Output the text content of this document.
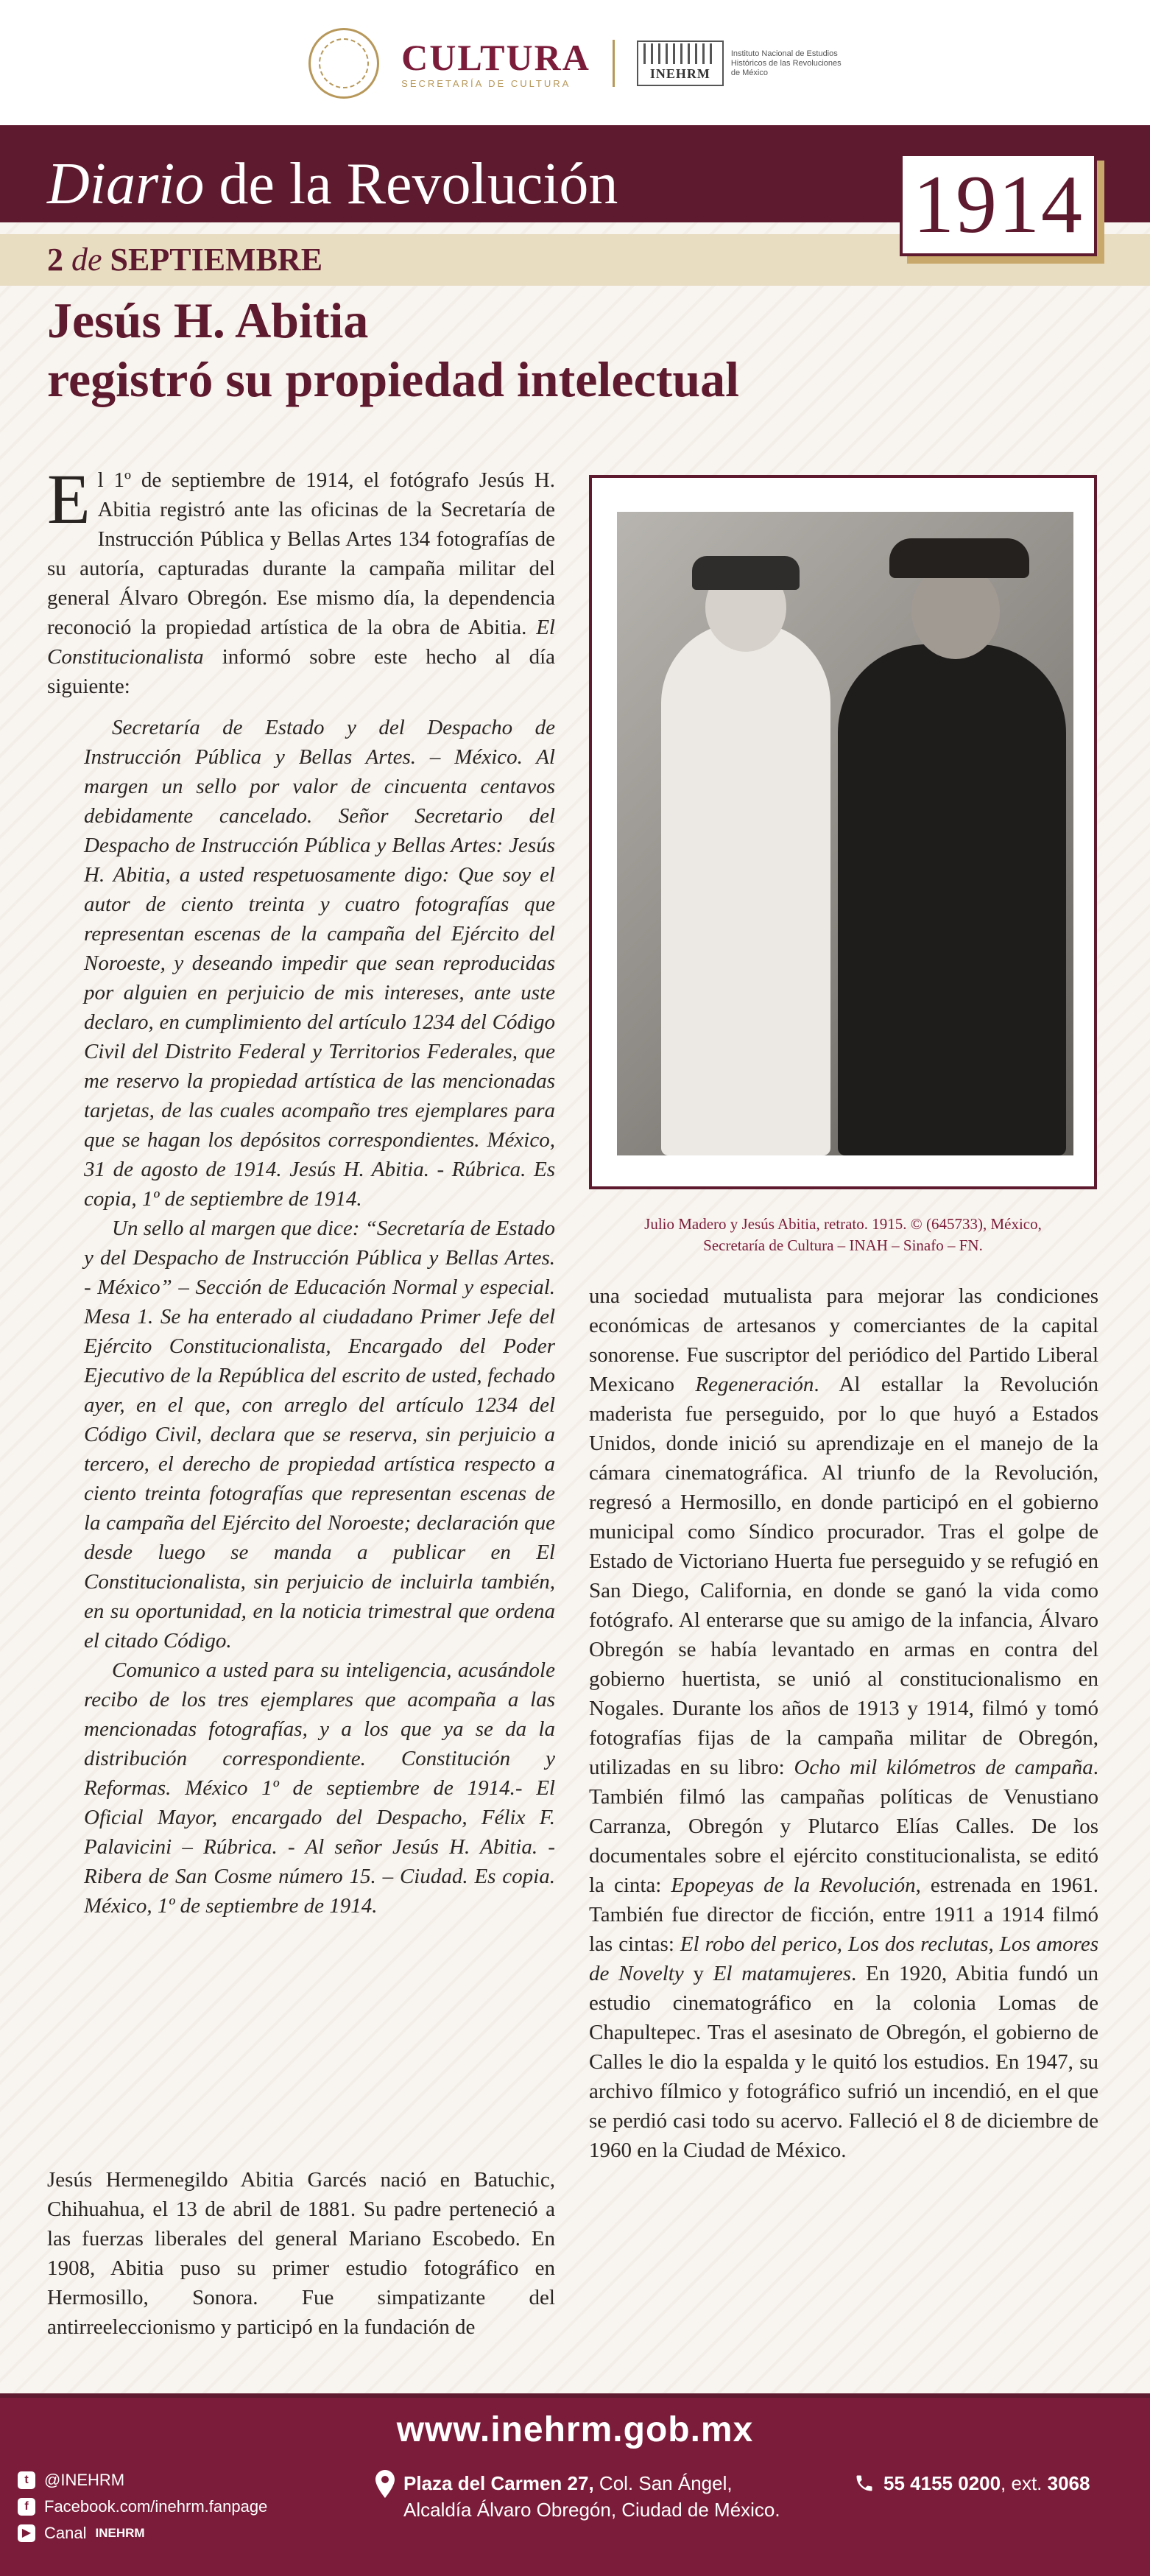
CULTURA
SECRETARÍA DE CULTURA
INEHRM
Instituto Nacional de Estudios Históricos de las Revoluciones de México
Diario de la Revolución
2 de SEPTIEMBRE
1914
Jesús H. Abitia
registró su propiedad intelectual

El 1º de septiembre de 1914, el fotógrafo Jesús H. Abitia registró ante las oficinas de la Secretaría de Instrucción Pública y Bellas Artes 134 fotografías de su autoría, capturadas durante la campaña militar del general Álvaro Obregón. Ese mismo día, la dependencia reconoció la propiedad artística de la obra de Abitia. El Constitucionalista informó sobre este hecho al día siguiente:

Secretaría de Estado y del Despacho de Instrucción Pública y Bellas Artes. – México. Al margen un sello por valor de cincuenta centavos debidamente cancelado. Señor Secretario del Despacho de Instrucción Pública y Bellas Artes: Jesús H. Abitia, a usted respetuosamente digo: Que soy el autor de ciento treinta y cuatro fotografías que representan escenas de la campaña del Ejército del Noroeste, y deseando impedir que sean reproducidas por alguien en perjuicio de mis intereses, ante uste declaro, en cumplimiento del artículo 1234 del Código Civil del Distrito Federal y Territorios Federales, que me reservo la propiedad artística de las mencionadas tarjetas, de las cuales acompaño tres ejemplares para que se hagan los depósitos correspondientes. México, 31 de agosto de 1914. Jesús H. Abitia. - Rúbrica. Es copia, 1º de septiembre de 1914.

Un sello al margen que dice: “Secretaría de Estado y del Despacho de Instrucción Pública y Bellas Artes. - México” – Sección de Educación Normal y especial. Mesa 1. Se ha enterado al ciudadano Primer Jefe del Ejército Constitucionalista, Encargado del Poder Ejecutivo de la República del escrito de usted, fechado ayer, en el que, con arreglo del artículo 1234 del Código Civil, declara que se reserva, sin perjuicio a tercero, el derecho de propiedad artística respecto a ciento treinta fotografías que representan escenas de la campaña del Ejército del Noroeste; declaración que desde luego se manda a publicar en El Constitucionalista, sin perjuicio de incluirla también, en su oportunidad, en la noticia trimestral que ordena el citado Código.

Comunico a usted para su inteligencia, acusándole recibo de los tres ejemplares que acompaña a las mencionadas fotografías, y a los que ya se da la distribución correspondiente. Constitución y Reformas. México 1º de septiembre de 1914.- El Oficial Mayor, encargado del Despacho, Félix F. Palavicini – Rúbrica. - Al señor Jesús H. Abitia. - Ribera de San Cosme número 15. – Ciudad. Es copia. México, 1º de septiembre de 1914.

Jesús Hermenegildo Abitia Garcés nació en Batuchic, Chihuahua, el 13 de abril de 1881. Su padre perteneció a las fuerzas liberales del general Mariano Escobedo. En 1908, Abitia puso su primer estudio fotográfico en Hermosillo, Sonora. Fue simpatizante del antirreeleccionismo y participó en la fundación de

Julio Madero y Jesús Abitia, retrato. 1915. © (645733), México,
Secretaría de Cultura – INAH – Sinafo – FN.

una sociedad mutualista para mejorar las condiciones económicas de artesanos y comerciantes de la capital sonorense. Fue suscriptor del periódico del Partido Liberal Mexicano Regeneración. Al estallar la Revolución maderista fue perseguido, por lo que huyó a Estados Unidos, donde inició su aprendizaje en el manejo de la cámara cinematográfica. Al triunfo de la Revolución, regresó a Hermosillo, en donde participó en el gobierno municipal como Síndico procurador. Tras el golpe de Estado de Victoriano Huerta fue perseguido y se refugió en San Diego, California, en donde se ganó la vida como fotógrafo. Al enterarse que su amigo de la infancia, Álvaro Obregón se había levantado en armas en contra del gobierno huertista, se unió al constitucionalismo en Nogales. Durante los años de 1913 y 1914, filmó y tomó fotografías fijas de la campaña militar de Obregón, utilizadas en su libro: Ocho mil kilómetros de campaña. También filmó las campañas políticas de Venustiano Carranza, Obregón y Plutarco Elías Calles. De los documentales sobre el ejército constitucionalista, se editó la cinta: Epopeyas de la Revolución, estrenada en 1961. También fue director de ficción, entre 1911 a 1914 filmó las cintas: El robo del perico, Los dos reclutas, Los amores de Novelty y El matamujeres. En 1920, Abitia fundó un estudio cinematográfico en la colonia Lomas de Chapultepec. Tras el asesinato de Obregón, el gobierno de Calles le dio la espalda y le quitó los estudios. En 1947, su archivo fílmico y fotográfico sufrió un incendió, en el que se perdió casi todo su acervo. Falleció el 8 de diciembre de 1960 en la Ciudad de México.

www.inehrm.gob.mx
t @INEHRM
f Facebook.com/inehrm.fanpage
▶ Canal INEHRM
Plaza del Carmen 27, Col. San Ángel,
Alcaldía Álvaro Obregón, Ciudad de México.
55 4155 0200, ext. 3068
